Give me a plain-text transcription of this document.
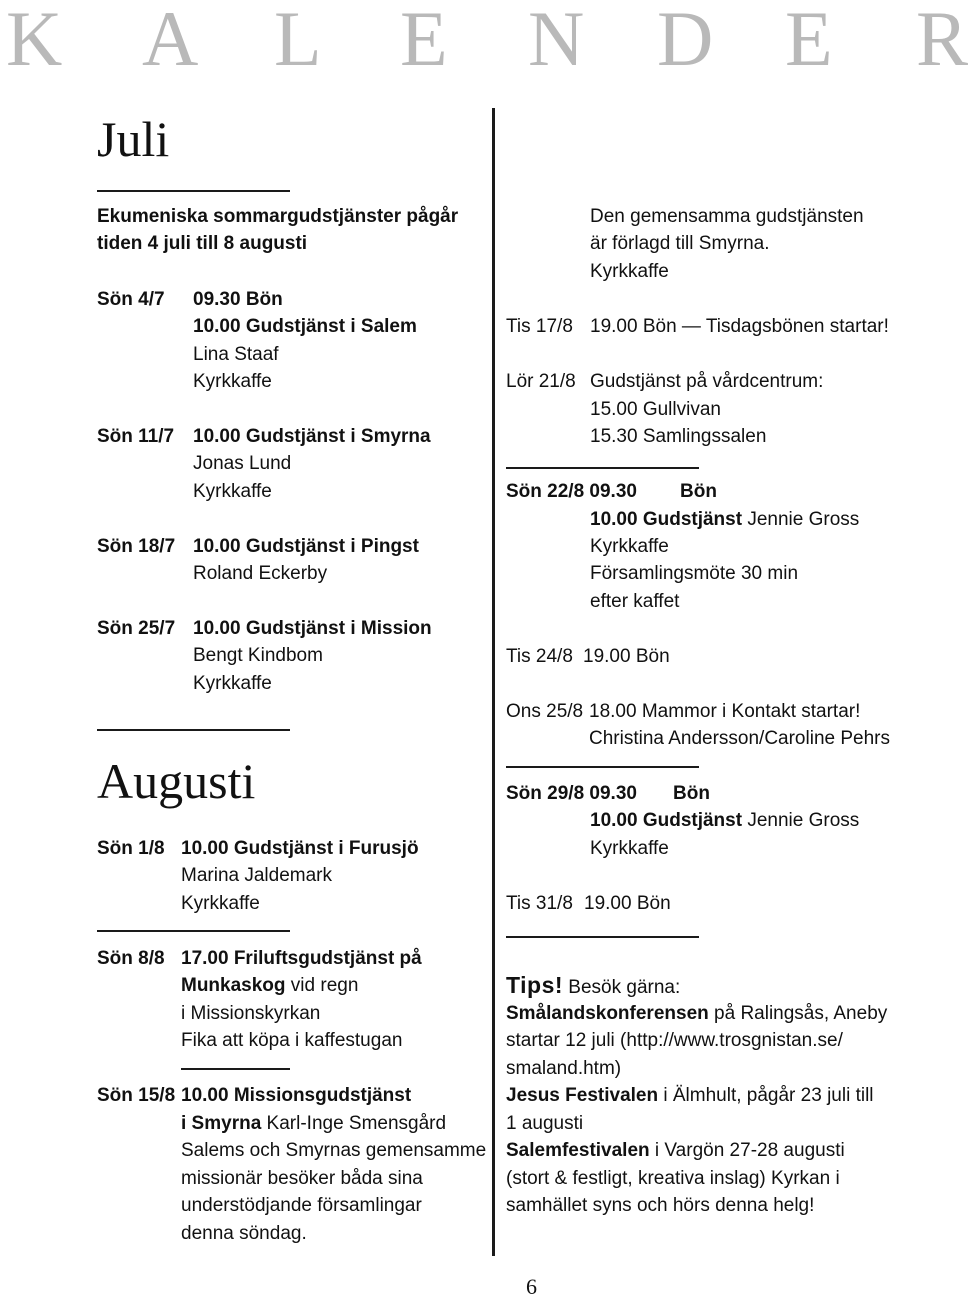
K A L E N D E R
Juli
Ekumeniska sommargudstjänster pågår
tiden 4 juli till 8 augusti
Sön 4/7 09.30 Bön
10.00 Gudstjänst i Salem
Lina Staaf
Kyrkkaffe
Sön 11/7 10.00 Gudstjänst i Smyrna
Jonas Lund
Kyrkkaffe
Sön 18/7 10.00 Gudstjänst i Pingst
Roland Eckerby
Sön 25/7 10.00 Gudstjänst i Mission
Bengt Kindbom
Kyrkkaffe
Augusti
Sön 1/8 10.00 Gudstjänst i Furusjö
Marina Jaldemark
Kyrkkaffe
Sön 8/8 17.00 Friluftsgudstjänst på
Munkaskog vid regn
i Missionskyrkan
Fika att köpa i kaffestugan
Sön 15/8 10.00 Missionsgudstjänst
i Smyrna Karl-Inge Smensgård
Salems och Smyrnas gemensamme
missionär besöker båda sina
understödjande församlingar
denna söndag.
Den gemensamma gudstjänsten
är förlagd till Smyrna.
Kyrkkaffe
Tis 17/8 19.00 Bön — Tisdagsbönen startar!
Lör 21/8 Gudstjänst på vårdcentrum:
15.00 Gullvivan
15.30 Samlingssalen
Sön 22/8 09.30 Bön
10.00 Gudstjänst Jennie Gross
Kyrkkaffe
Församlingsmöte 30 min
efter kaffet
Tis 24/8 19.00 Bön
Ons 25/8 18.00 Mammor i Kontakt startar!
Christina Andersson/Caroline Pehrs
Sön 29/8 09.30 Bön
10.00 Gudstjänst Jennie Gross
Kyrkkaffe
Tis 31/8 19.00 Bön
Tips! Besök gärna:
Smålandskonferensen på Ralingsås, Aneby
startar 12 juli (http://www.trosgnistan.se/
smaland.htm)
Jesus Festivalen i Älmhult, pågår 23 juli till
1 augusti
Salemfestivalen i Vargön 27-28 augusti
(stort & festligt, kreativa inslag) Kyrkan i
samhället syns och hörs denna helg!
6
